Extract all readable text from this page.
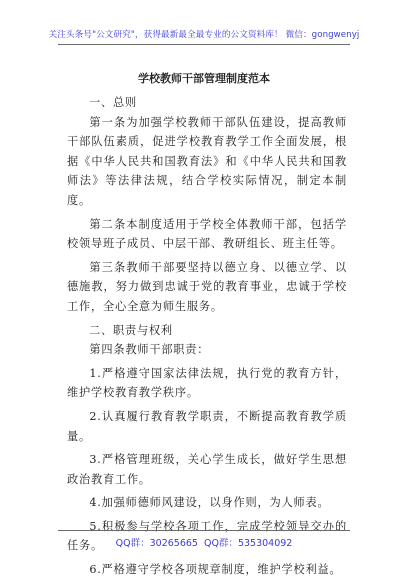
关注头条号"公文研究"，获得最新最全最专业的公文资料库！ 微信：gongwenyj
学校教师干部管理制度范本

一、总则

第一条为加强学校教师干部队伍建设，提高教师干部队伍素质，促进学校教育教学工作全面发展，根据《中华人民共和国教育法》和《中华人民共和国教师法》等法律法规，结合学校实际情况，制定本制度。

第二条本制度适用于学校全体教师干部，包括学校领导班子成员、中层干部、教研组长、班主任等。

第三条教师干部要坚持以德立身、以德立学、以德施教，努力做到忠诚于党的教育事业，忠诚于学校工作，全心全意为师生服务。

二、职责与权利

第四条教师干部职责：

1.严格遵守国家法律法规，执行党的教育方针，维护学校教育教学秩序。

2.认真履行教育教学职责，不断提高教育教学质量。

3.严格管理班级，关心学生成长，做好学生思想政治教育工作。

4.加强师德师风建设，以身作则，为人师表。

5.积极参与学校各项工作，完成学校领导交办的任务。

6.严格遵守学校各项规章制度，维护学校利益。

QQ群：30265665 QQ群：535304092
